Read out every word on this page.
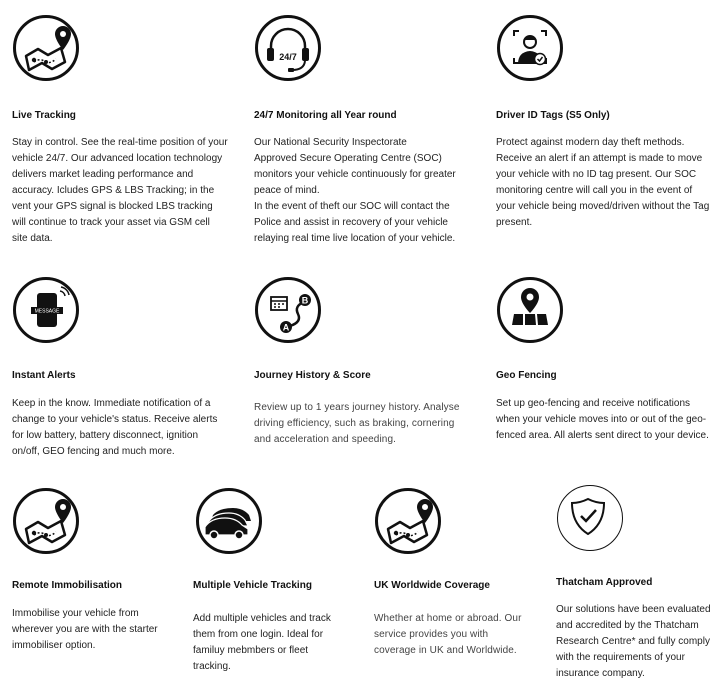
Live Tracking
Stay in control. See the real-time position of your
vehicle 24/7. Our advanced location technology
delivers market leading performance and
accuracy. Icludes GPS & LBS Tracking; in the
vent your GPS signal is blocked LBS tracking
will continue to track your asset via GSM cell
site data.
24/7
24/7 Monitoring all Year round
Our National Security Inspectorate
Approved Secure Operating Centre (SOC)
monitors your vehicle continuously for greater
peace of mind.
In the event of theft our SOC will contact the
Police and assist in recovery of your vehicle
relaying real time live location of your vehicle.
Driver ID Tags (S5 Only)
Protect against modern day theft methods.
Receive an alert if an attempt is made to move
your vehicle with no ID tag present. Our SOC
monitoring centre will call you in the event of
your vehicle being moved/driven without the Tag
present.
MESSAGE
Instant Alerts
Keep in the know. Immediate notification of a
change to your vehicle's status. Receive alerts
for low battery, battery disconnect, ignition
on/off, GEO fencing and much more.
B
A
Journey History & Score
Review up to 1 years journey history. Analyse
driving efficiency, such as braking, cornering
and acceleration and speeding.
Geo Fencing
Set up geo-fencing and receive notifications
when your vehicle moves into or out of the geo-
fenced area. All alerts sent direct to your device.
Remote Immobilisation
Immobilise your vehicle from
wherever you are with the starter
immobiliser option.
Multiple Vehicle Tracking
Add multiple vehicles and track
them from one login. Ideal for
familuy mebmbers or fleet
tracking.
UK Worldwide Coverage
Whether at home or abroad. Our
service provides you with
coverage in UK and Worldwide.
Thatcham Approved
Our solutions have been evaluated
and accredited by the Thatcham
Research Centre* and fully comply
with the requirements of your
insurance company.
